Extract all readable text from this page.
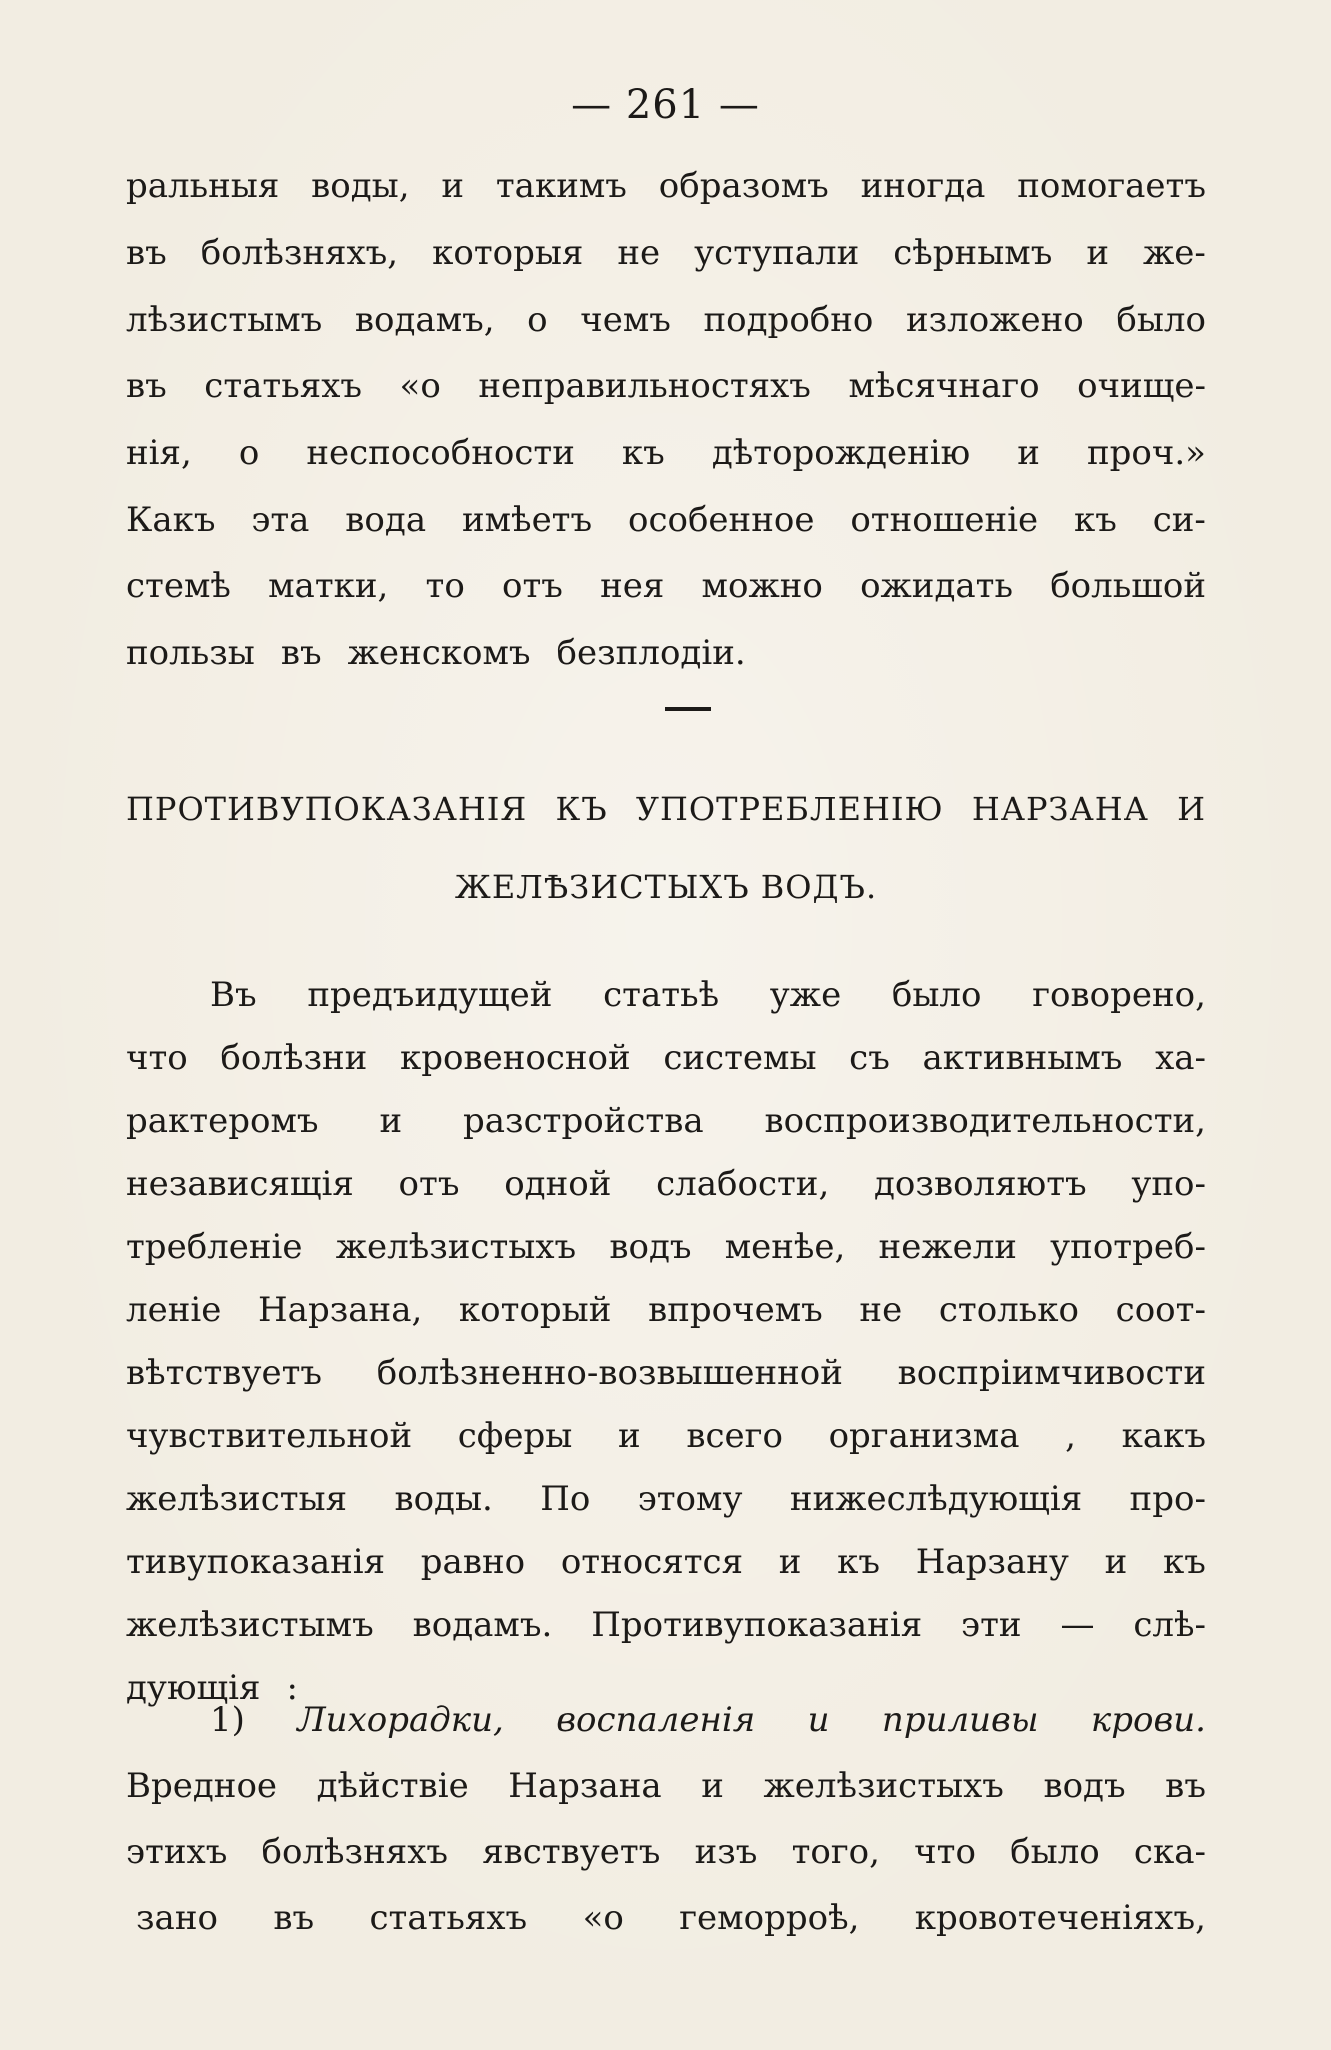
— 261 —
ральныя воды, и такимъ образомъ иногда помогаетъ
въ болѣзняхъ, которыя не уступали сѣрнымъ и же-
лѣзистымъ водамъ, о чемъ подробно изложено было
въ статьяхъ «о неправильностяхъ мѣсячнаго очище-
нія, о неспособности къ дѣторожденію и проч.»
Какъ эта вода имѣетъ особенное отношеніе къ си-
стемѣ матки, то отъ нея можно ожидать большой
пользы въ женскомъ безплодіи.
ПРОТИВУПОКАЗАНІЯ КЪ УПОТРЕБЛЕНІЮ НАРЗАНА И
ЖЕЛѢЗИСТЫХЪ ВОДЪ.
Въ предъидущей статьѣ уже было говорено,
что болѣзни кровеносной системы съ активнымъ ха-
рактеромъ и разстройства воспроизводительности,
независящія отъ одной слабости, дозволяютъ упо-
требленіе желѣзистыхъ водъ менѣе, нежели употреб-
леніе Нарзана, который впрочемъ не столько соот-
вѣтствуетъ болѣзненно-возвышенной воспріимчивости
чувствительной сферы и всего организма , какъ
желѣзистыя воды. По этому нижеслѣдующія про-
тивупоказанія равно относятся и къ Нарзану и къ
желѣзистымъ водамъ. Противупоказанія эти — слѣ-
дующія :
1) Лихорадки, воспаленія и приливы крови.
Вредное дѣйствіе Нарзана и желѣзистыхъ водъ въ
этихъ болѣзняхъ явствуетъ изъ того, что было ска-
зано въ статьяхъ «о геморроѣ, кровотеченіяхъ,
